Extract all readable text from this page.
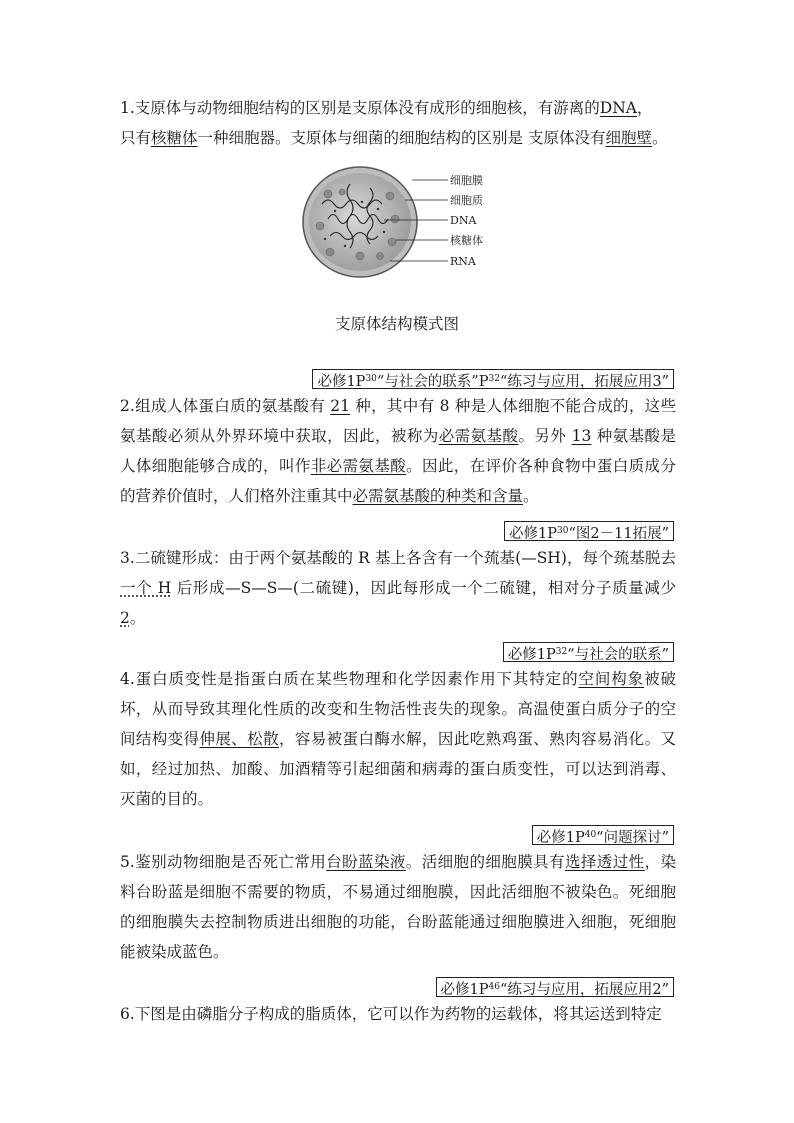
1.支原体与动物细胞结构的区别是支原体没有成形的细胞核，有游离的DNA，
只有核糖体一种细胞器。支原体与细菌的细胞结构的区别是 支原体没有细胞壁。

细胞膜
细胞质
DNA
核糖体
RNA
支原体结构模式图
必修$1P^{30}“$与社会的联系$”P^{32}“$练习与应用，拓展应用3”

2.组成人体蛋白质的氨基酸有 21 种，其中有 8 种是人体细胞不能合成的，这些氨基酸必须从外界环境中获取，因此，被称为必需氨基酸。另外 13 种氨基酸是人体细胞能够合成的，叫作非必需氨基酸。因此，在评价各种食物中蛋白质成分的营养价值时，人们格外注重其中必需氨基酸的种类和含量。

必修$1P^{30}“$图2－11拓展”

3.二硫键形成：由于两个氨基酸的 R 基上各含有一个巯基(—SH)，每个巯基脱去一个 H 后形成—S—S—(二硫键)，因此每形成一个二硫键，相对分子质量减少 2。

必修$1P^{32}“$与社会的联系”

4.蛋白质变性是指蛋白质在某些物理和化学因素作用下其特定的空间构象被破坏，从而导致其理化性质的改变和生物活性丧失的现象。高温使蛋白质分子的空间结构变得伸展、松散，容易被蛋白酶水解，因此吃熟鸡蛋、熟肉容易消化。又如，经过加热、加酸、加酒精等引起细菌和病毒的蛋白质变性，可以达到消毒、灭菌的目的。

必修$1P^{40}“$问题探讨”

5.鉴别动物细胞是否死亡常用台盼蓝染液。活细胞的细胞膜具有选择透过性，染料台盼蓝是细胞不需要的物质，不易通过细胞膜，因此活细胞不被染色。死细胞的细胞膜失去控制物质进出细胞的功能，台盼蓝能通过细胞膜进入细胞，死细胞能被染成蓝色。

必修$1P^{46}“$练习与应用，拓展应用2”

6.下图是由磷脂分子构成的脂质体，它可以作为药物的运载体，将其运送到特定
